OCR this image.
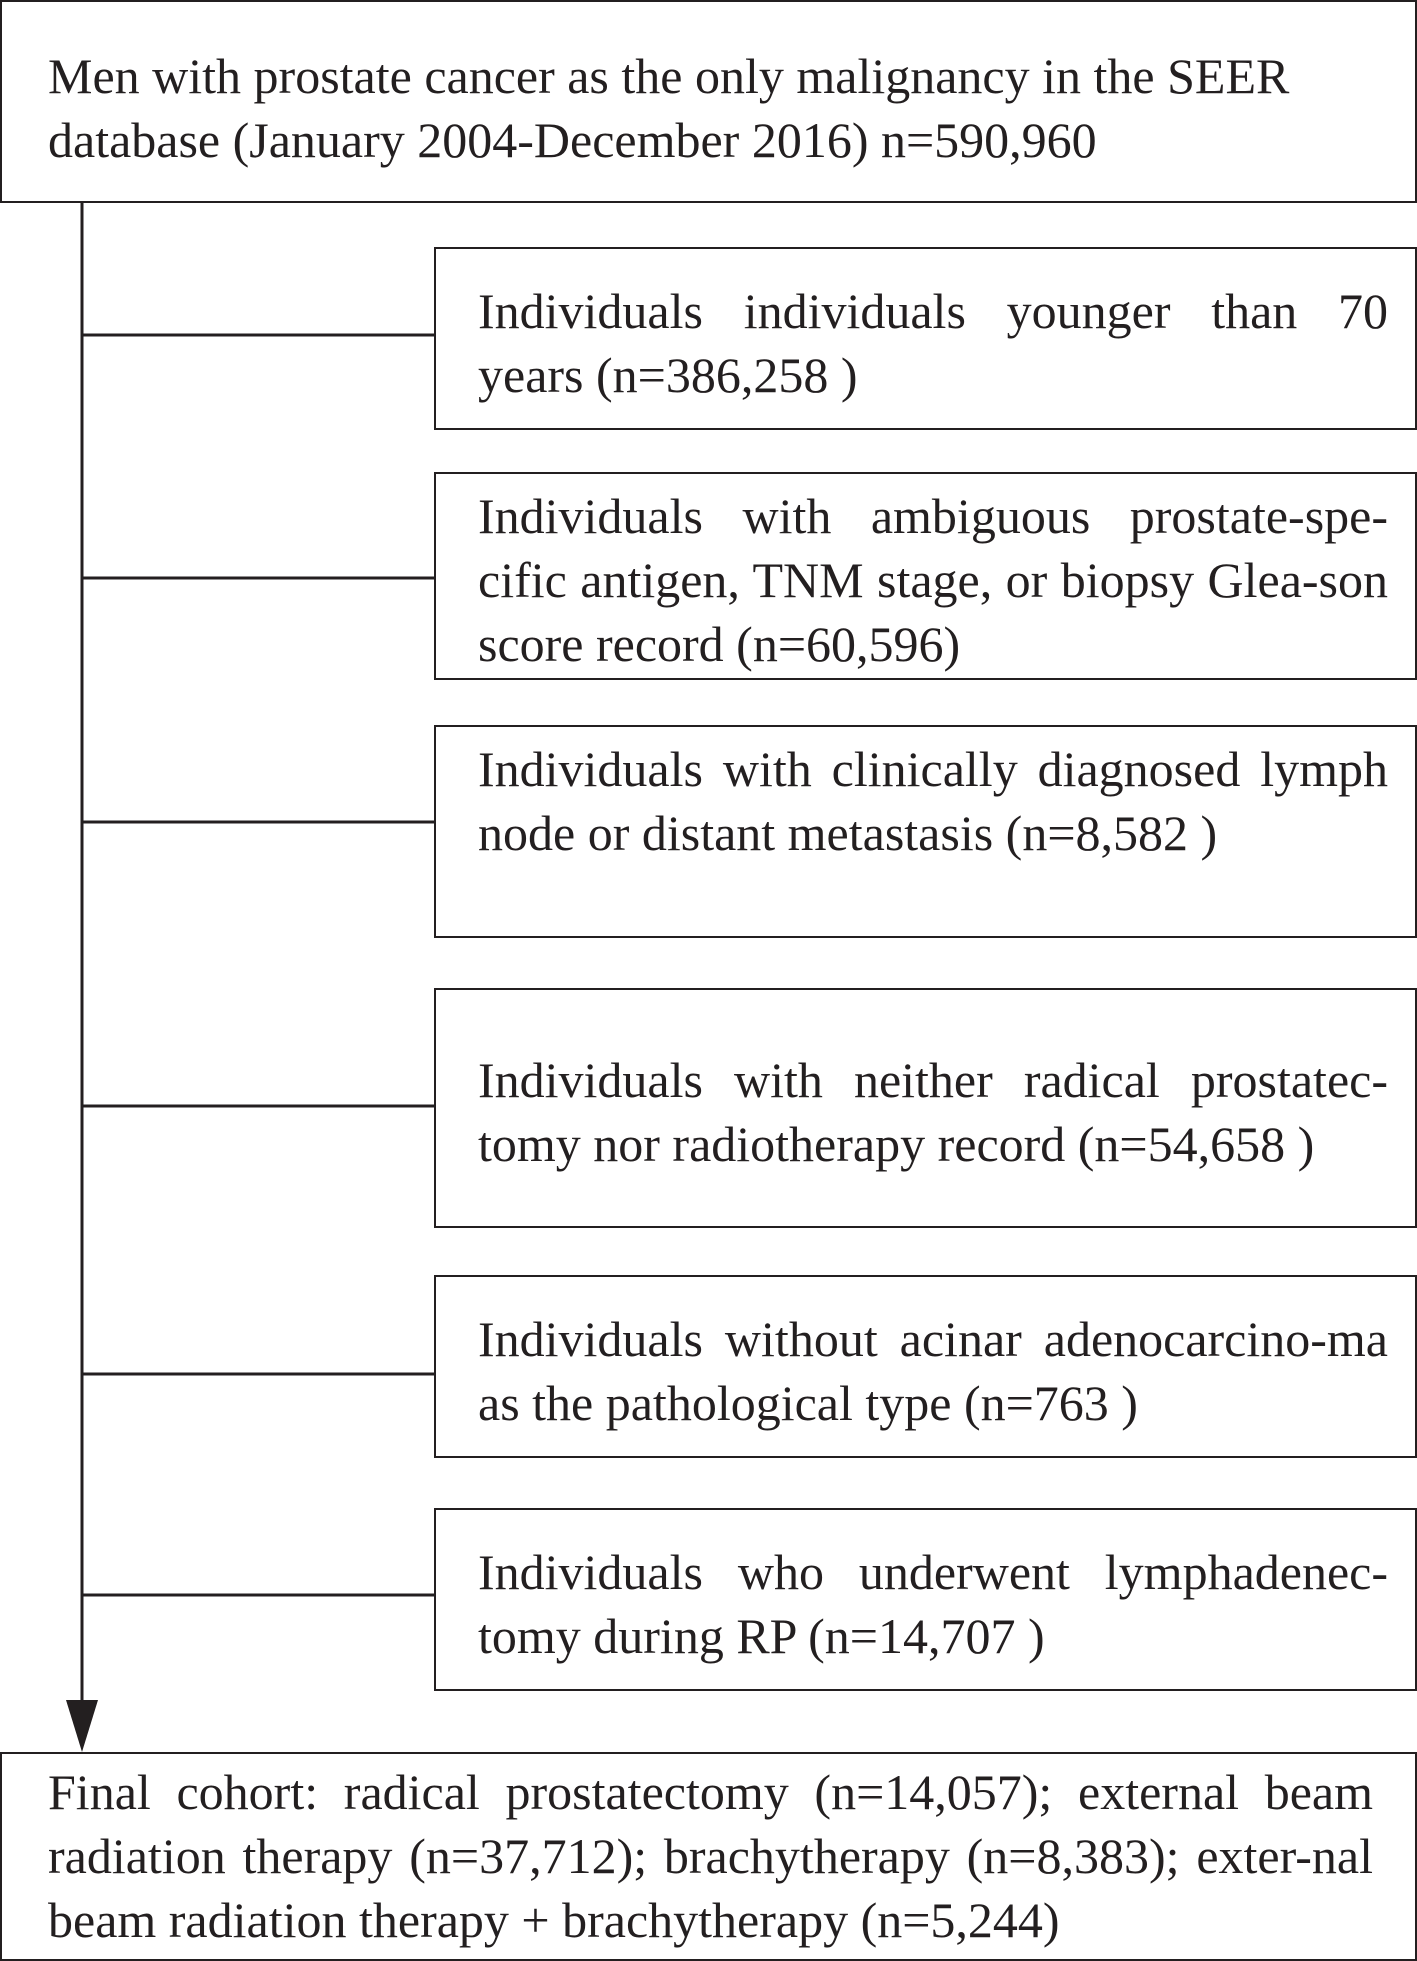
Men with prostate cancer as the only malignancy in the SEER database (January 2004-December 2016) n=590,960

Individuals individuals younger than 70 years (n=386,258 )

Individuals with ambiguous prostate-spe-cific antigen, TNM stage, or biopsy Glea-son score record (n=60,596)

Individuals with clinically diagnosed lymph node or distant metastasis (n=8,582 )

Individuals with neither radical prostatec-tomy nor radiotherapy record (n=54,658 )

Individuals without acinar adenocarcino-ma as the pathological type (n=763 )

Individuals who underwent lymphadenec-tomy during RP (n=14,707 )

Final cohort: radical prostatectomy (n=14,057); external beam radiation therapy (n=37,712); brachytherapy (n=8,383); exter-nal beam radiation therapy + brachytherapy (n=5,244)
